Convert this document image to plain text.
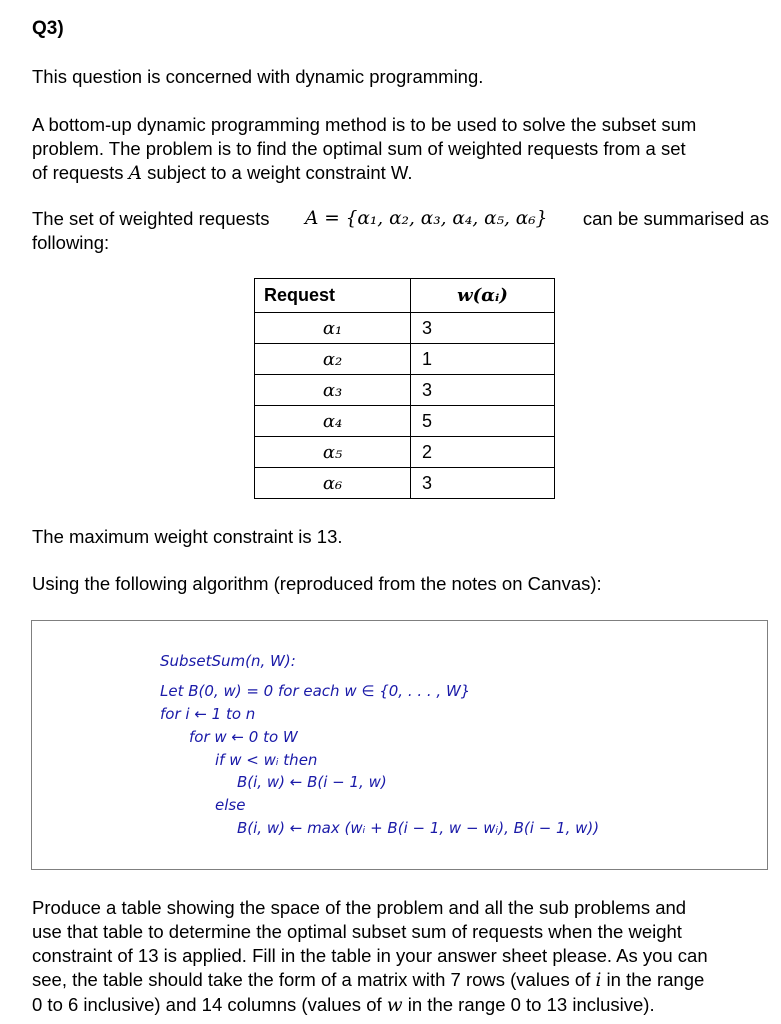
Q3)
This question is concerned with dynamic programming.
A bottom-up dynamic programming method is to be used to solve the subset sum
problem. The problem is to find the optimal sum of weighted requests from a set
of requests A subject to a weight constraint W.
The set of weighted requests A = {α₁, α₂, α₃, α₄, α₅, α₆} can be summarised as
following:
Request	w(αᵢ)
α₁	3
α₂	1
α₃	3
α₄	5
α₅	2
α₆	3
The maximum weight constraint is 13.
Using the following algorithm (reproduced from the notes on Canvas):
SubsetSum(n, W):
Let B(0, w) = 0 for each w ∈ {0, . . . , W}
for i ← 1 to n
for w ← 0 to W
if w < wᵢ then
B(i, w) ← B(i − 1, w)
else
B(i, w) ← max (wᵢ + B(i − 1, w − wᵢ), B(i − 1, w))
Produce a table showing the space of the problem and all the sub problems and
use that table to determine the optimal subset sum of requests when the weight
constraint of 13 is applied. Fill in the table in your answer sheet please. As you can
see, the table should take the form of a matrix with 7 rows (values of i in the range
0 to 6 inclusive) and 14 columns (values of w in the range 0 to 13 inclusive).
